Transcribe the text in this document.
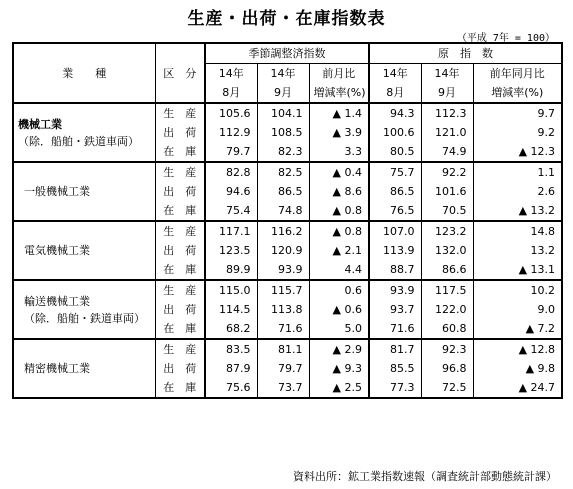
生産・出荷・在庫指数表
（平成 7年 = 100）
業　　種	区　分	季節調整済指数			原　指　数		
		14年	14年	前月比	14年	14年	前年同月比
		8月	9月	増減率(%)	8月	9月	増減率(%)

機械工業
（除．船舶・鉄道車両）	生　産	105.6	104.1	▲ 1.4	94.3	112.3	9.7
	出　荷	112.9	108.5	▲ 3.9	100.6	121.0	9.2
	在　庫	79.7	82.3	3.3	80.5	74.9	▲ 12.3

一般機械工業	生　産	82.8	82.5	▲ 0.4	75.7	92.2	1.1
	出　荷	94.6	86.5	▲ 8.6	86.5	101.6	2.6
	在　庫	75.4	74.8	▲ 0.8	76.5	70.5	▲ 13.2

電気機械工業	生　産	117.1	116.2	▲ 0.8	107.0	123.2	14.8
	出　荷	123.5	120.9	▲ 2.1	113.9	132.0	13.2
	在　庫	89.9	93.9	4.4	88.7	86.6	▲ 13.1

輸送機械工業
（除．船舶・鉄道車両）	生　産	115.0	115.7	0.6	93.9	117.5	10.2
	出　荷	114.5	113.8	▲ 0.6	93.7	122.0	9.0
	在　庫	68.2	71.6	5.0	71.6	60.8	▲ 7.2

精密機械工業	生　産	83.5	81.1	▲ 2.9	81.7	92.3	▲ 12.8
	出　荷	87.9	79.7	▲ 9.3	85.5	96.8	▲ 9.8
	在　庫	75.6	73.7	▲ 2.5	77.3	72.5	▲ 24.7
資料出所：鉱工業指数速報（調査統計部動態統計課）
